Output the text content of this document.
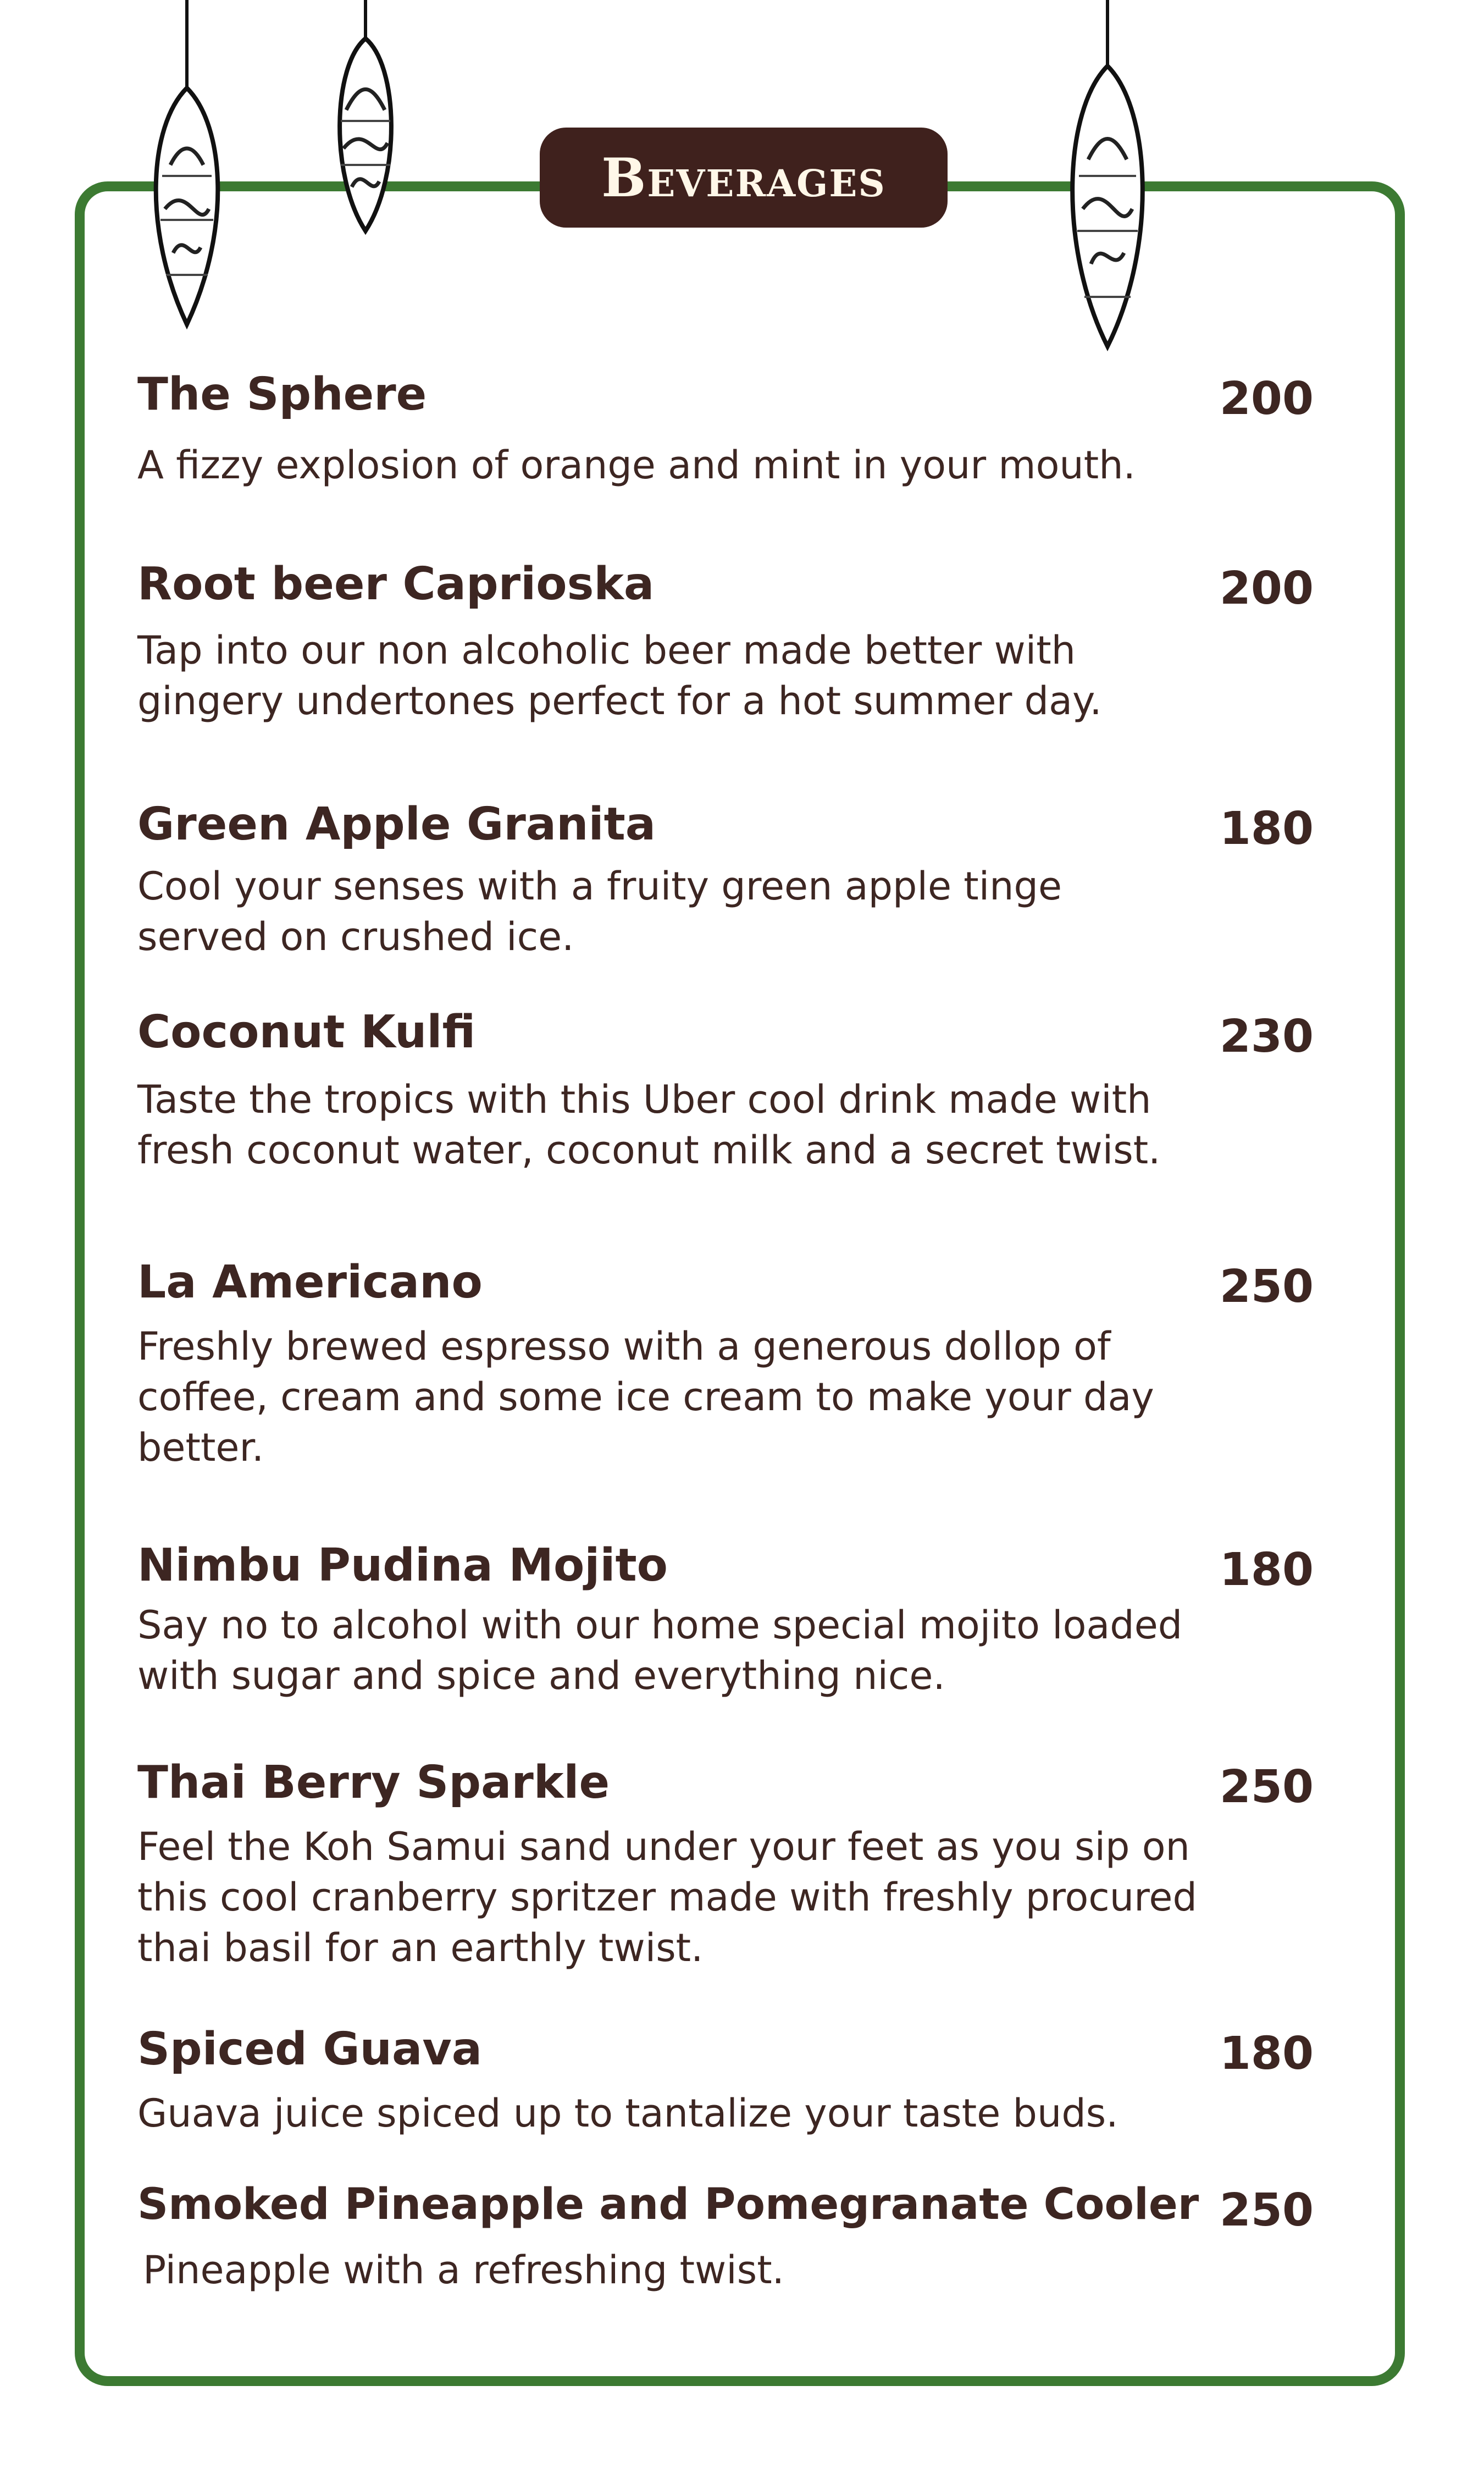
Beverages
The Sphere	200
A fizzy explosion of orange and mint in your mouth.
Root beer Caprioska	200
Tap into our non alcoholic beer made better with gingery undertones perfect for a hot summer day.
Green Apple Granita	180
Cool your senses with a fruity green apple tinge served on crushed ice.
Coconut Kulfi	230
Taste the tropics with this Uber cool drink made with fresh coconut water, coconut milk and a secret twist.
La Americano	250
Freshly brewed espresso with a generous dollop of coffee, cream and some ice cream to make your day better.
Nimbu Pudina Mojito	180
Say no to alcohol with our home special mojito loaded with sugar and spice and everything nice.
Thai Berry Sparkle	250
Feel the Koh Samui sand under your feet as you sip on this cool cranberry spritzer made with freshly procured thai basil for an earthly twist.
Spiced Guava	180
Guava juice spiced up to tantalize your taste buds.
Smoked Pineapple and Pomegranate Cooler 250
Pineapple with a refreshing twist.
